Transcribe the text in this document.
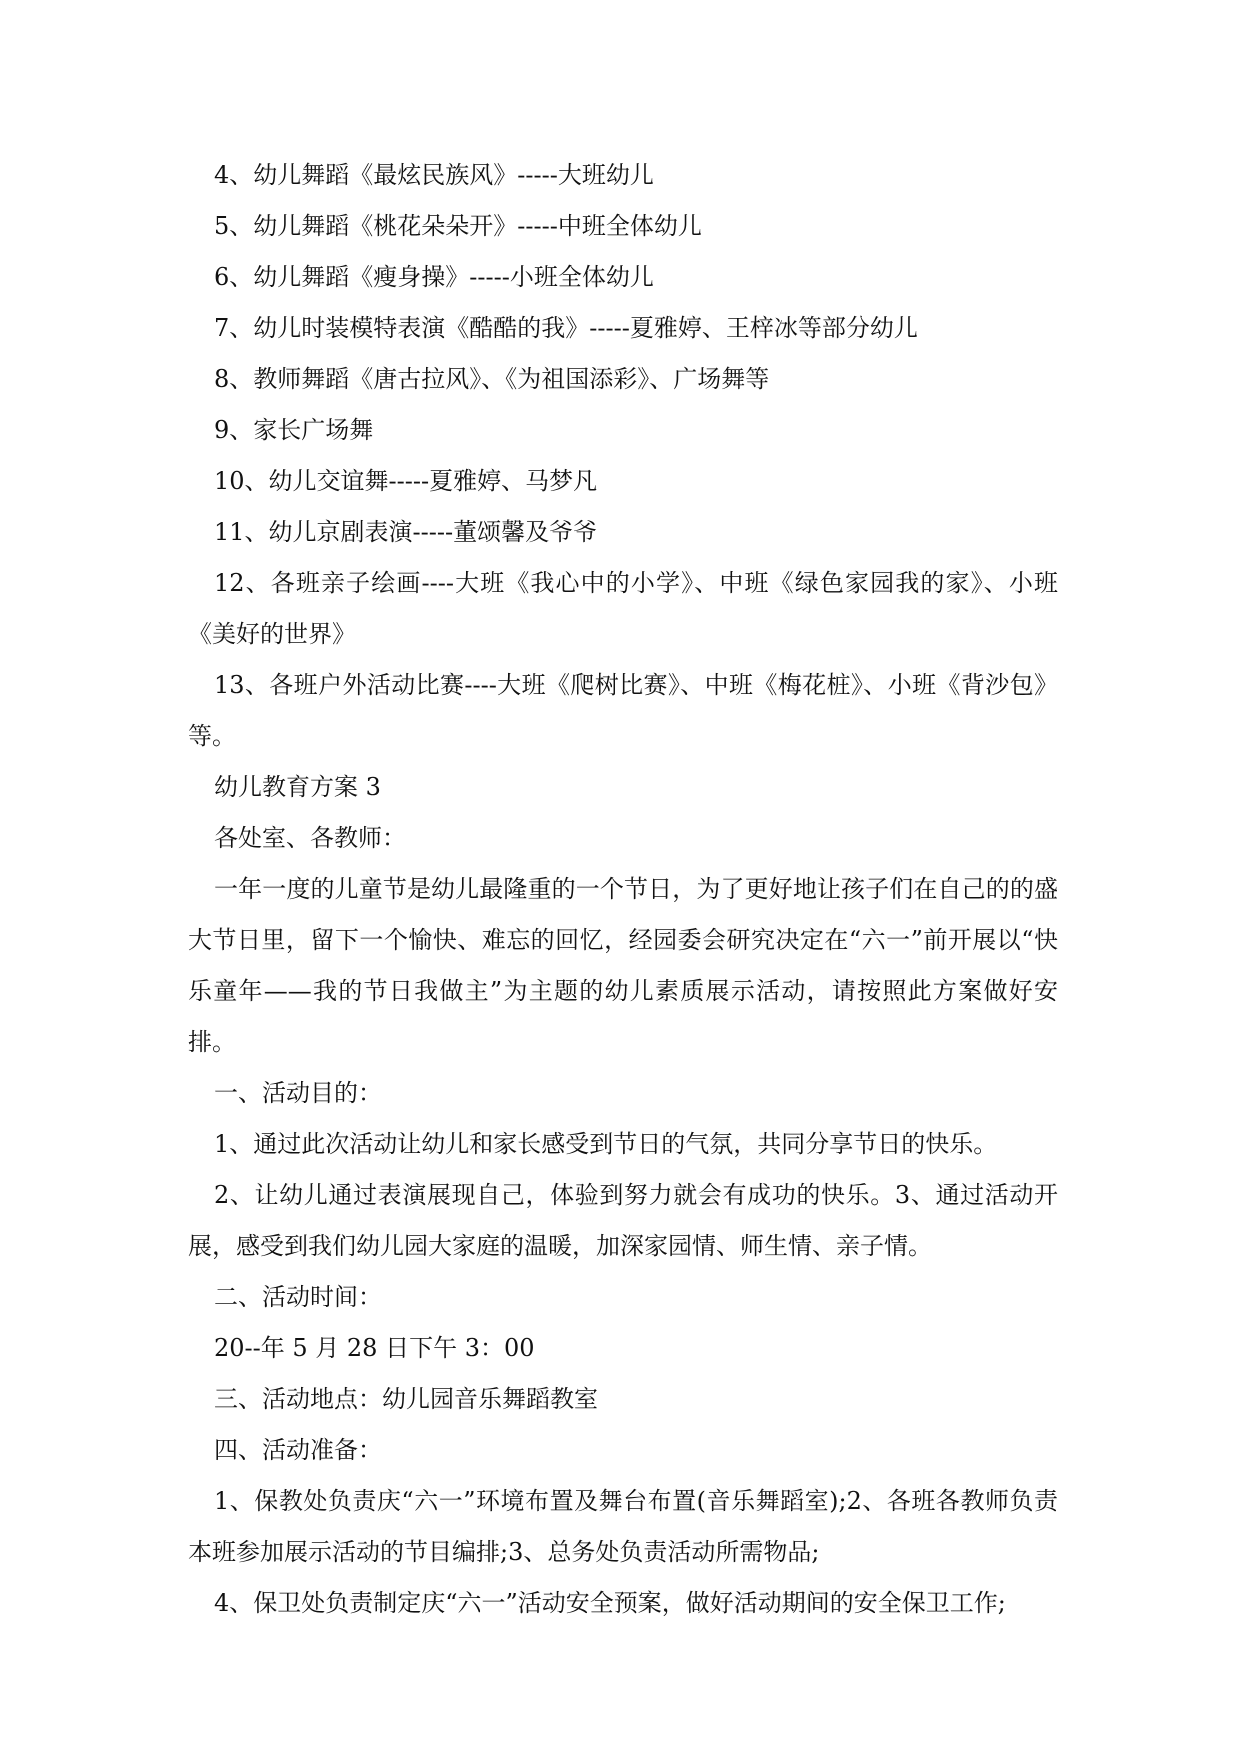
4、幼儿舞蹈《最炫民族风》-----大班幼儿

5、幼儿舞蹈《桃花朵朵开》-----中班全体幼儿

6、幼儿舞蹈《瘦身操》-----小班全体幼儿

7、幼儿时装模特表演《酷酷的我》-----夏雅婷、王梓冰等部分幼儿

8、教师舞蹈《唐古拉风》、《为祖国添彩》、广场舞等

9、家长广场舞

10、幼儿交谊舞-----夏雅婷、马梦凡

11、幼儿京剧表演-----董颂馨及爷爷

12、各班亲子绘画----大班《我心中的小学》、中班《绿色家园我的家》、小班《美好的世界》

13、各班户外活动比赛----大班《爬树比赛》、中班《梅花桩》、小班《背沙包》等。

幼儿教育方案 3

各处室、各教师：

一年一度的儿童节是幼儿最隆重的一个节日，为了更好地让孩子们在自己的的盛大节日里，留下一个愉快、难忘的回忆，经园委会研究决定在“六一”前开展以“快乐童年——我的节日我做主”为主题的幼儿素质展示活动，请按照此方案做好安排。

一、活动目的：

1、通过此次活动让幼儿和家长感受到节日的气氛，共同分享节日的快乐。

2、让幼儿通过表演展现自己，体验到努力就会有成功的快乐。3、通过活动开展，感受到我们幼儿园大家庭的温暖，加深家园情、师生情、亲子情。

二、活动时间：

20--年 5 月 28 日下午 3：00

三、活动地点：幼儿园音乐舞蹈教室

四、活动准备：

1、保教处负责庆“六一”环境布置及舞台布置(音乐舞蹈室);2、各班各教师负责本班参加展示活动的节目编排;3、总务处负责活动所需物品;

4、保卫处负责制定庆“六一”活动安全预案，做好活动期间的安全保卫工作;
